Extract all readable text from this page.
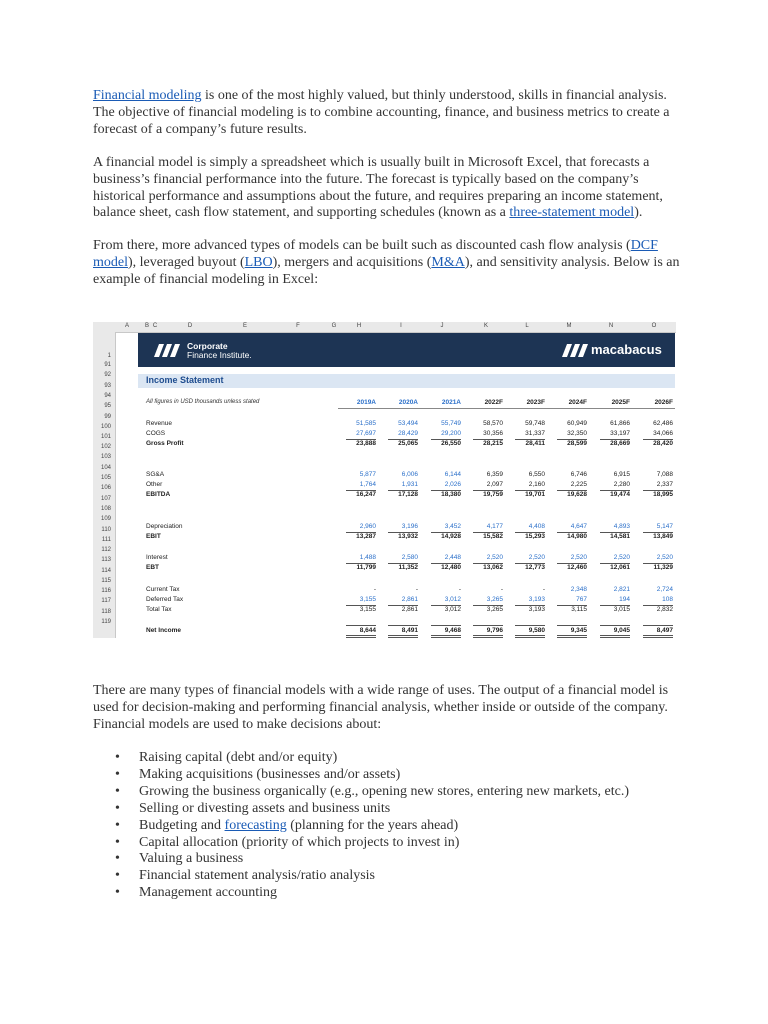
Financial modeling is one of the most highly valued, but thinly understood, skills in financial analysis. The objective of financial modeling is to combine accounting, finance, and business metrics to create a forecast of a company’s future results.

A financial model is simply a spreadsheet which is usually built in Microsoft Excel, that forecasts a business’s financial performance into the future. The forecast is typically based on the company’s historical performance and assumptions about the future, and requires preparing an income statement, balance sheet, cash flow statement, and supporting schedules (known as a three-statement model).

From there, more advanced types of models can be built such as discounted cash flow analysis (DCF model), leveraged buyout (LBO), mergers and acquisitions (M&A), and sensitivity analysis. Below is an example of financial modeling in Excel:

A	B C	D	E	F	G	H	I	J	K	L	M	N	O
1
91
92
93
94
95
99
100
101
102
103
104
105
106
107
108
109
110
111
112
113
114
115
116
117
118
119
Corporate
Finance Institute.	macabacus
Income Statement
All figures in USD thousands unless stated	2019A	2020A	2021A	2022F	2023F	2024F	2025F	2026F
Revenue	51,585	53,494	55,749	58,570	59,748	60,949	61,866	62,486
COGS	27,697	28,429	29,200	30,356	31,337	32,350	33,197	34,066
Gross Profit	23,888	25,065	26,550	28,215	28,411	28,599	28,669	28,420
SG&A	5,877	6,006	6,144	6,359	6,550	6,746	6,915	7,088
Other	1,764	1,931	2,026	2,097	2,160	2,225	2,280	2,337
EBITDA	16,247	17,128	18,380	19,759	19,701	19,628	19,474	18,995
Depreciation	2,960	3,196	3,452	4,177	4,408	4,647	4,893	5,147
EBIT	13,287	13,932	14,928	15,582	15,293	14,980	14,581	13,849
Interest	1,488	2,580	2,448	2,520	2,520	2,520	2,520	2,520
EBT	11,799	11,352	12,480	13,062	12,773	12,460	12,061	11,329
Current Tax	-	-	-	-	-	2,348	2,821	2,724
Deferred Tax	3,155	2,861	3,012	3,265	3,193	767	194	108
Total Tax	3,155	2,861	3,012	3,265	3,193	3,115	3,015	2,832
Net Income	8,644	8,491	9,468	9,796	9,580	9,345	9,045	8,497
There are many types of financial models with a wide range of uses. The output of a financial model is used for decision-making and performing financial analysis, whether inside or outside of the company. Financial models are used to make decisions about:
• Raising capital (debt and/or equity)
• Making acquisitions (businesses and/or assets)
• Growing the business organically (e.g., opening new stores, entering new markets, etc.)
• Selling or divesting assets and business units
• Budgeting and forecasting (planning for the years ahead)
• Capital allocation (priority of which projects to invest in)
• Valuing a business
• Financial statement analysis/ratio analysis
• Management accounting
